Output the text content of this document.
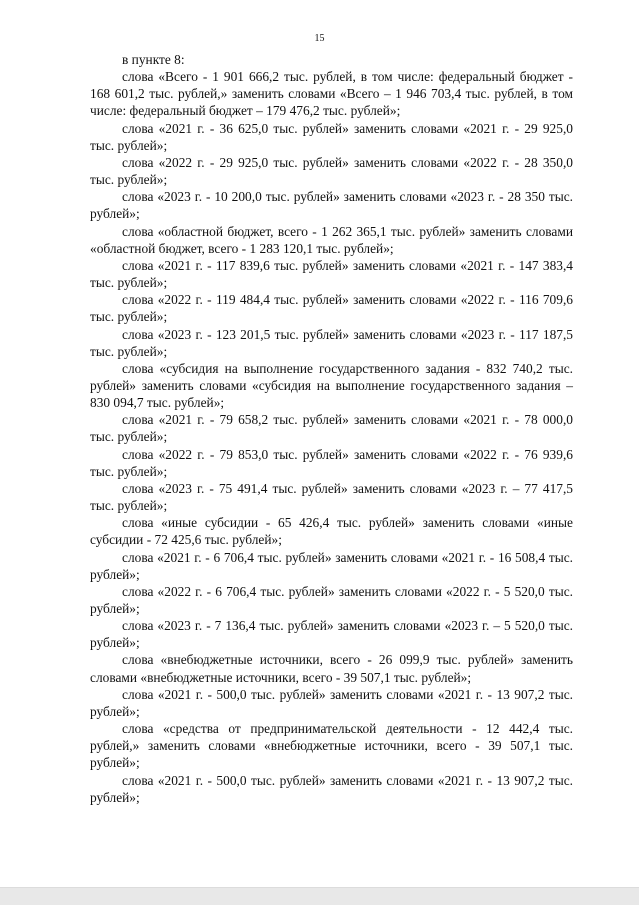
15

в пункте 8:

слова «Всего - 1 901 666,2 тыс. рублей, в том числе: федеральный бюджет - 168 601,2 тыс. рублей,» заменить словами «Всего – 1 946 703,4 тыс. рублей, в том числе: федеральный бюджет – 179 476,2 тыс. рублей»;

слова «2021 г. - 36 625,0 тыс. рублей» заменить словами «2021 г. - 29 925,0 тыс. рублей»;

слова «2022 г. - 29 925,0 тыс. рублей» заменить словами «2022 г. - 28 350,0 тыс. рублей»;

слова «2023 г. - 10 200,0 тыс. рублей» заменить словами «2023 г. - 28 350 тыс. рублей»;

слова «областной бюджет, всего - 1 262 365,1 тыс. рублей» заменить словами «областной бюджет, всего - 1 283 120,1 тыс. рублей»;

слова «2021 г. - 117 839,6 тыс. рублей» заменить словами «2021 г. - 147 383,4 тыс. рублей»;

слова «2022 г. - 119 484,4 тыс. рублей» заменить словами «2022 г. - 116 709,6 тыс. рублей»;

слова «2023 г. - 123 201,5 тыс. рублей» заменить словами «2023 г. - 117 187,5 тыс. рублей»;

слова «субсидия на выполнение государственного задания - 832 740,2 тыс. рублей» заменить словами «субсидия на выполнение государственного задания – 830 094,7 тыс. рублей»;

слова «2021 г. - 79 658,2 тыс. рублей» заменить словами «2021 г. - 78 000,0 тыс. рублей»;

слова «2022 г. - 79 853,0 тыс. рублей» заменить словами «2022 г. - 76 939,6 тыс. рублей»;

слова «2023 г. - 75 491,4 тыс. рублей» заменить словами «2023 г. – 77 417,5 тыс. рублей»;

слова «иные субсидии - 65 426,4 тыс. рублей» заменить словами «иные субсидии - 72 425,6 тыс. рублей»;

слова «2021 г. - 6 706,4 тыс. рублей» заменить словами «2021 г. - 16 508,4 тыс. рублей»;

слова «2022 г. - 6 706,4 тыс. рублей» заменить словами «2022 г. - 5 520,0 тыс. рублей»;

слова «2023 г. - 7 136,4 тыс. рублей» заменить словами «2023 г. – 5 520,0 тыс. рублей»;

слова «внебюджетные источники, всего - 26 099,9 тыс. рублей» заменить словами «внебюджетные источники, всего - 39 507,1 тыс. рублей»;

слова «2021 г. - 500,0 тыс. рублей» заменить словами «2021 г. - 13 907,2 тыс. рублей»;

слова «средства от предпринимательской деятельности - 12 442,4 тыс. рублей,» заменить словами «внебюджетные источники, всего - 39 507,1 тыс. рублей»;

слова «2021 г. - 500,0 тыс. рублей» заменить словами «2021 г. - 13 907,2 тыс. рублей»;
